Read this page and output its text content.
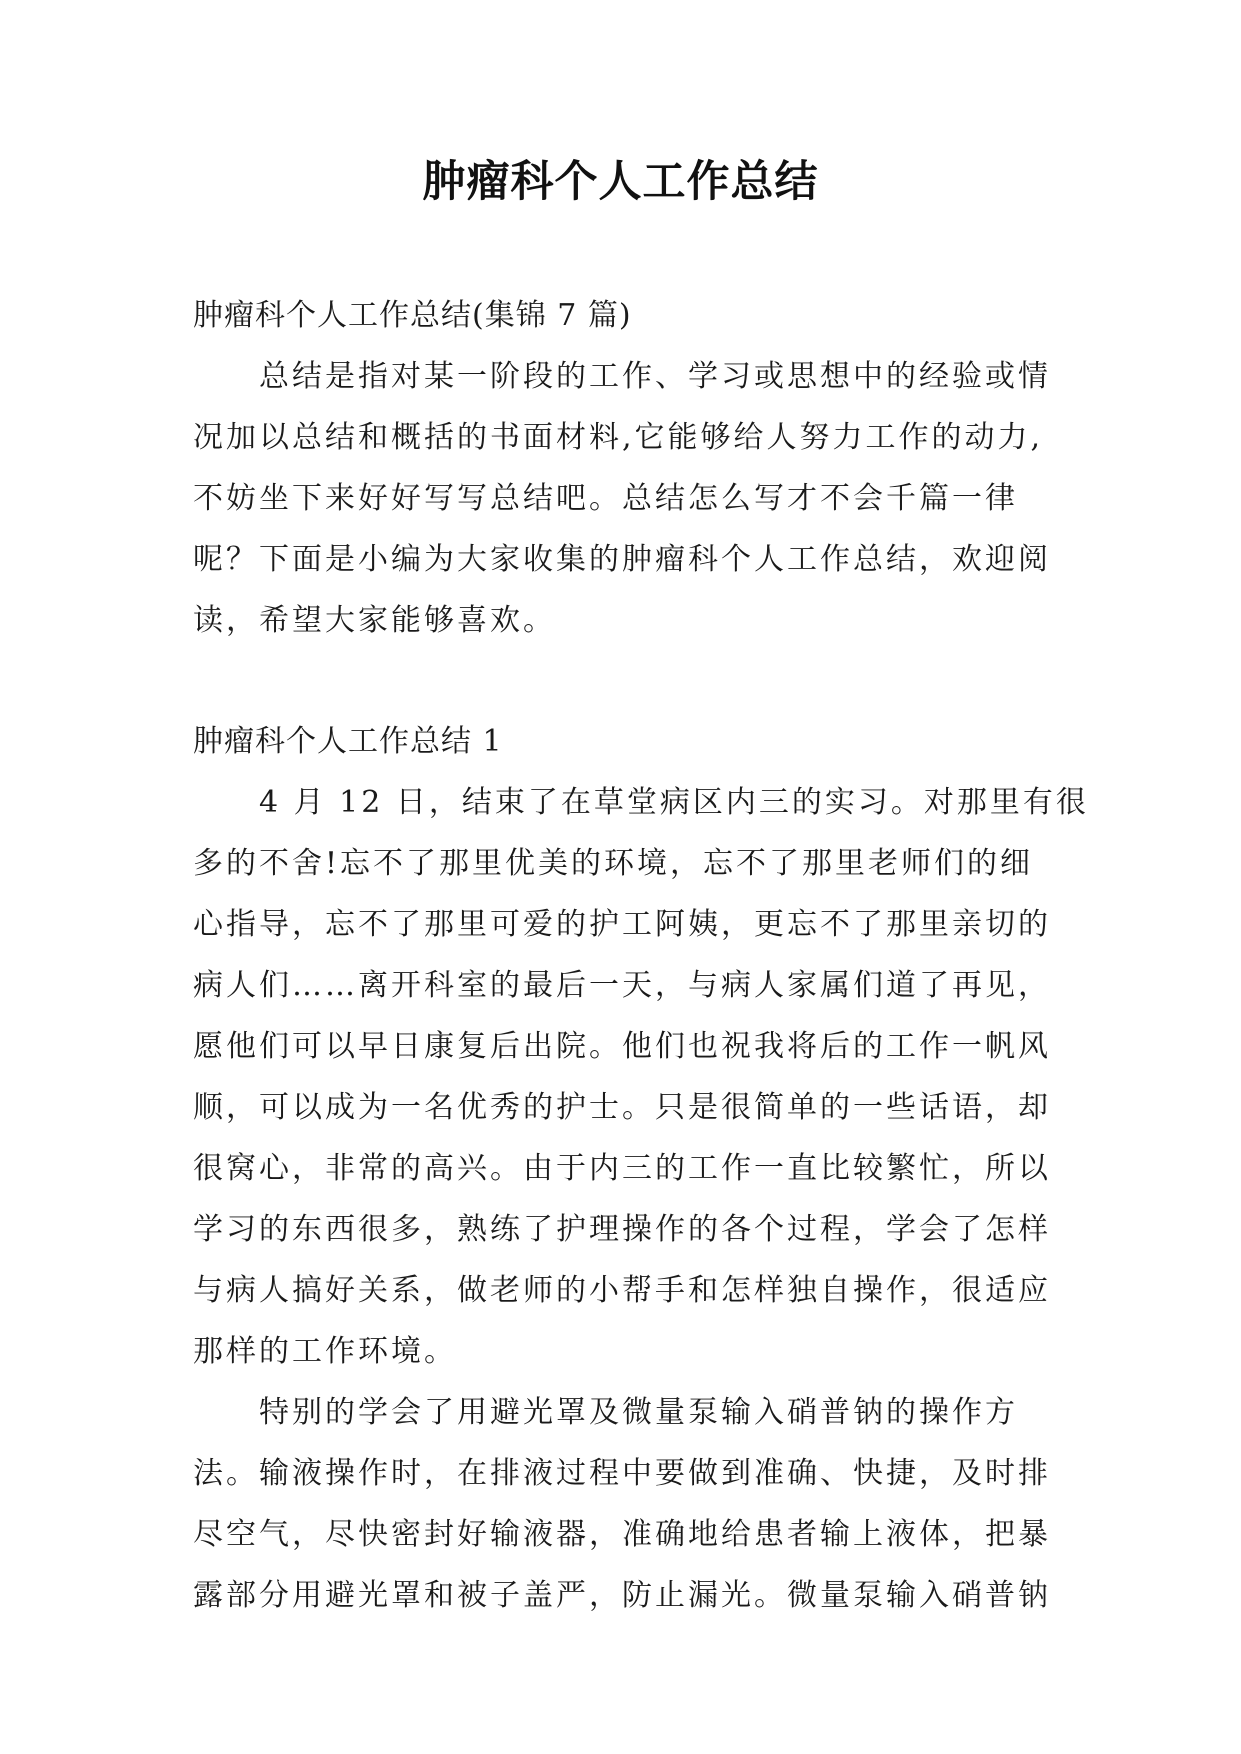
肿瘤科个人工作总结
肿瘤科个人工作总结(集锦 7 篇)
总结是指对某一阶段的工作、学习或思想中的经验或情
况加以总结和概括的书面材料,它能够给人努力工作的动力,
不妨坐下来好好写写总结吧。总结怎么写才不会千篇一律
呢？下面是小编为大家收集的肿瘤科个人工作总结，欢迎阅
读，希望大家能够喜欢。
肿瘤科个人工作总结 1
4 月 12 日，结束了在草堂病区内三的实习。对那里有很
多的不舍!忘不了那里优美的环境，忘不了那里老师们的细
心指导，忘不了那里可爱的护工阿姨，更忘不了那里亲切的
病人们……离开科室的最后一天，与病人家属们道了再见，
愿他们可以早日康复后出院。他们也祝我将后的工作一帆风
顺，可以成为一名优秀的护士。只是很简单的一些话语，却
很窝心，非常的高兴。由于内三的工作一直比较繁忙，所以
学习的东西很多，熟练了护理操作的各个过程，学会了怎样
与病人搞好关系，做老师的小帮手和怎样独自操作，很适应
那样的工作环境。
特别的学会了用避光罩及微量泵输入硝普钠的操作方
法。输液操作时，在排液过程中要做到准确、快捷，及时排
尽空气，尽快密封好输液器，准确地给患者输上液体，把暴
露部分用避光罩和被子盖严，防止漏光。微量泵输入硝普钠
